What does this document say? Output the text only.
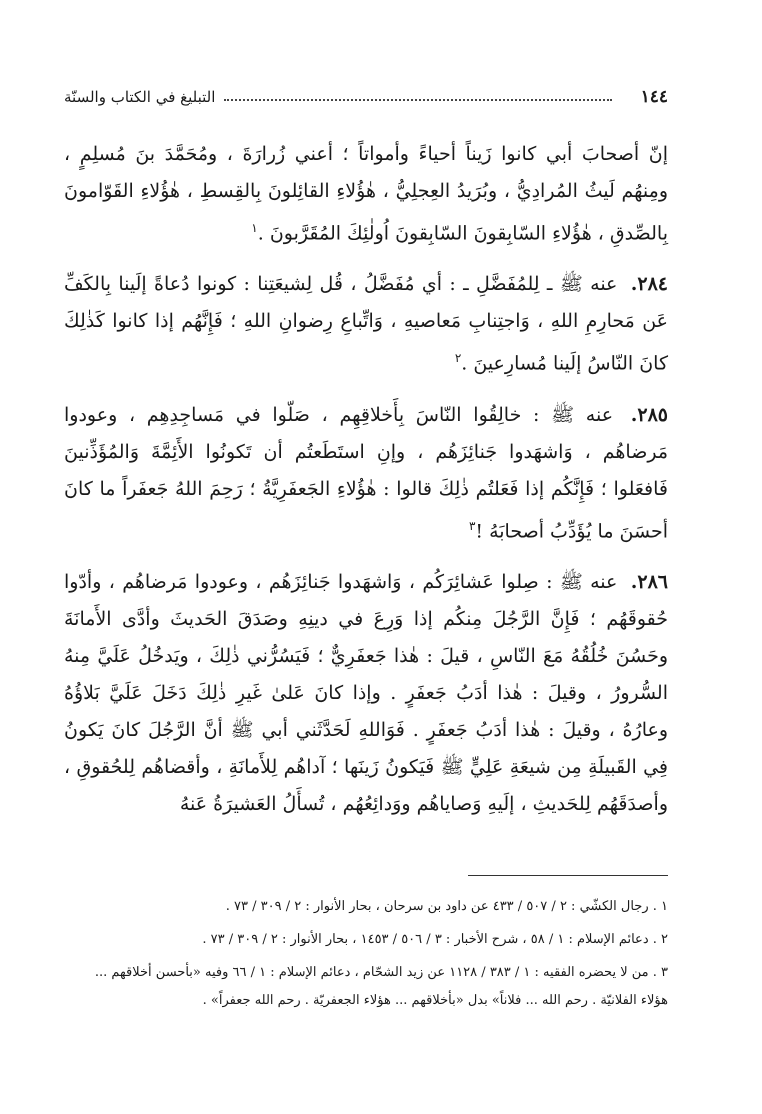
١٤٤
التبليغ في الكتاب والسنّة

إنّ أصحابَ أبي كانوا زَيناً أحياءً وأمواتاً ؛ أعني زُرارَةَ ، ومُحَمَّدَ بنَ مُسلِمٍ ، ومِنهُم لَيثُ المُرادِيُّ ، وبُرَيدُ العِجلِيُّ ، هٰؤُلاءِ القائِلونَ بِالقِسطِ ، هٰؤُلاءِ القَوّامونَ بِالصِّدقِ ، هٰؤُلاءِ السّابِقونَ السّابِقونَ اُولٰئِكَ المُقَرَّبونَ .$^١$

٢٨٤. عنه ﷺ ـ لِلمُفَضَّلِ ـ : أي مُفَضَّلُ ، قُل لِشيعَتِنا : كونوا دُعاةً إلَينا بِالكَفِّ عَن مَحارِمِ اللهِ ، وَاجتِنابِ مَعاصيهِ ، وَاتِّباعِ رِضوانِ اللهِ ؛ فَإِنَّهُم إذا كانوا كَذٰلِكَ كانَ النّاسُ إلَينا مُسارِعينَ .$^٢$

٢٨٥. عنه ﷺ : خالِقُوا النّاسَ بِأَخلاقِهِم ، صَلّوا في مَساجِدِهِم ، وعودوا مَرضاهُم ، وَاشهَدوا جَنائِزَهُم ، وإنِ استَطَعتُم أن تَكونُوا الأَئِمَّةَ وَالمُؤَذِّنينَ فَافعَلوا ؛ فَإِنَّكُم إذا فَعَلتُم ذٰلِكَ قالوا : هٰؤُلاءِ الجَعفَرِيَّةُ ؛ رَحِمَ اللهُ جَعفَراً ما كانَ أحسَنَ ما يُؤَدِّبُ أصحابَهُ !$^٣$

٢٨٦. عنه ﷺ : صِلوا عَشائِرَكُم ، وَاشهَدوا جَنائِزَهُم ، وعودوا مَرضاهُم ، وأدّوا حُقوقَهُم ؛ فَإِنَّ الرَّجُلَ مِنكُم إذا وَرِعَ في دينِهِ وصَدَقَ الحَديثَ وأدَّى الأَمانَةَ وحَسُنَ خُلُقُهُ مَعَ النّاسِ ، قيلَ : هٰذا جَعفَرِيٌّ ؛ فَيَسُرُّني ذٰلِكَ ، ويَدخُلُ عَلَيَّ مِنهُ السُّرورُ ، وقيلَ : هٰذا أدَبُ جَعفَرٍ . وإذا كانَ عَلىٰ غَيرِ ذٰلِكَ دَخَلَ عَلَيَّ بَلاؤُهُ وعارُهُ ، وقيلَ : هٰذا أدَبُ جَعفَرٍ . فَوَاللهِ لَحَدَّثَني أبي ﷺ أنَّ الرَّجُلَ كانَ يَكونُ فِي القَبيلَةِ مِن شيعَةِ عَلِيٍّ ﷺ فَيَكونُ زَينَها ؛ آداهُم لِلأَمانَةِ ، وأقضاهُم لِلحُقوقِ ، وأصدَقَهُم لِلحَديثِ ، إلَيهِ وَصاياهُم ووَدائِعُهُم ، تُسأَلُ العَشيرَةُ عَنهُ

١ . رجال الكشّي : ٢ / ٥٠٧ / ٤٣٣ عن داود بن سرحان ، بحار الأنوار : ٢ / ٣٠٩ / ٧٣ .

٢ . دعائم الإسلام : ١ / ٥٨ ، شرح الأخبار : ٣ / ٥٠٦ / ١٤٥٣ ، بحار الأنوار : ٢ / ٣٠٩ / ٧٣ .

٣ . من لا يحضره الفقيه : ١ / ٣٨٣ / ١١٢٨ عن زيد الشحّام ، دعائم الإسلام : ١ / ٦٦ وفيه «بأحسن أخلاقهم ... هؤلاء الفلانيّة . رحم الله ... فلاناً» بدل «بأخلاقهم ... هؤلاء الجعفريّة . رحم الله جعفراً» .
